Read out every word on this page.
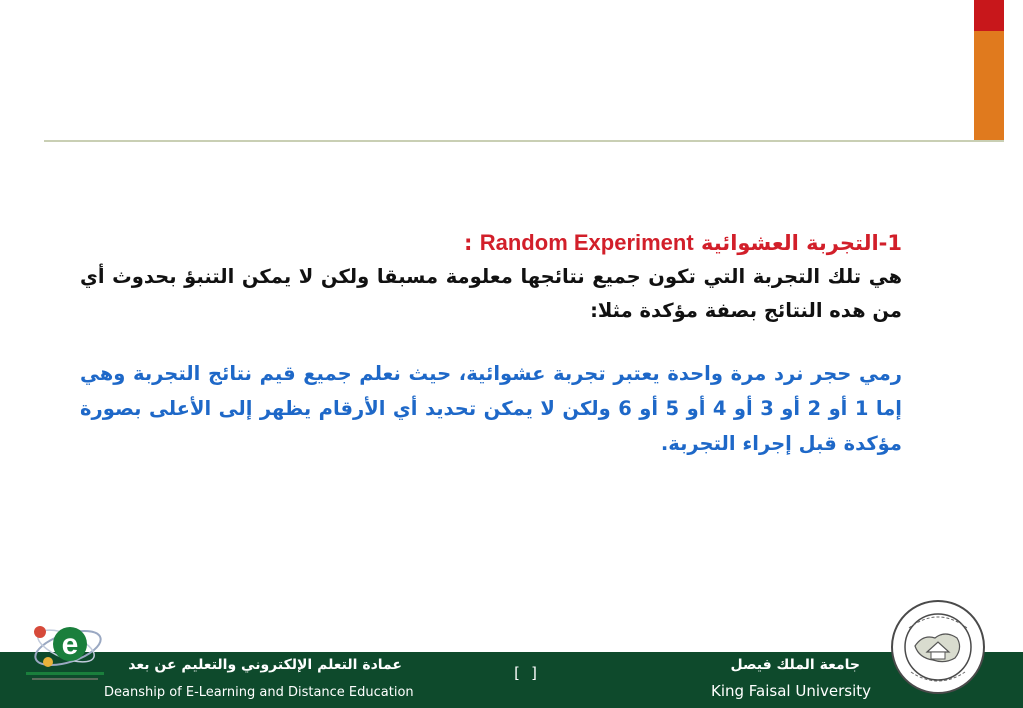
1-التجربة العشوائية Random Experiment :

هي تلك التجربة التي تكون جميع نتائجها معلومة مسبقا ولكن لا يمكن التنبؤ بحدوث أي من هده النتائج بصفة مؤكدة مثلا:

رمي حجر نرد مرة واحدة يعتبر تجربة عشوائية، حيث نعلم جميع قيم نتائج التجربة وهي إما 1 أو 2 أو 3 أو 4 أو 5 أو 6 ولكن لا يمكن تحديد أي الأرقام يظهر إلى الأعلى بصورة مؤكدة قبل إجراء التجربة.

e
عمادة التعلم الإلكتروني والتعليم عن بعد
Deanship of E-Learning and Distance Education
[ ]	جامعة الملك فيصل
King Faisal University
